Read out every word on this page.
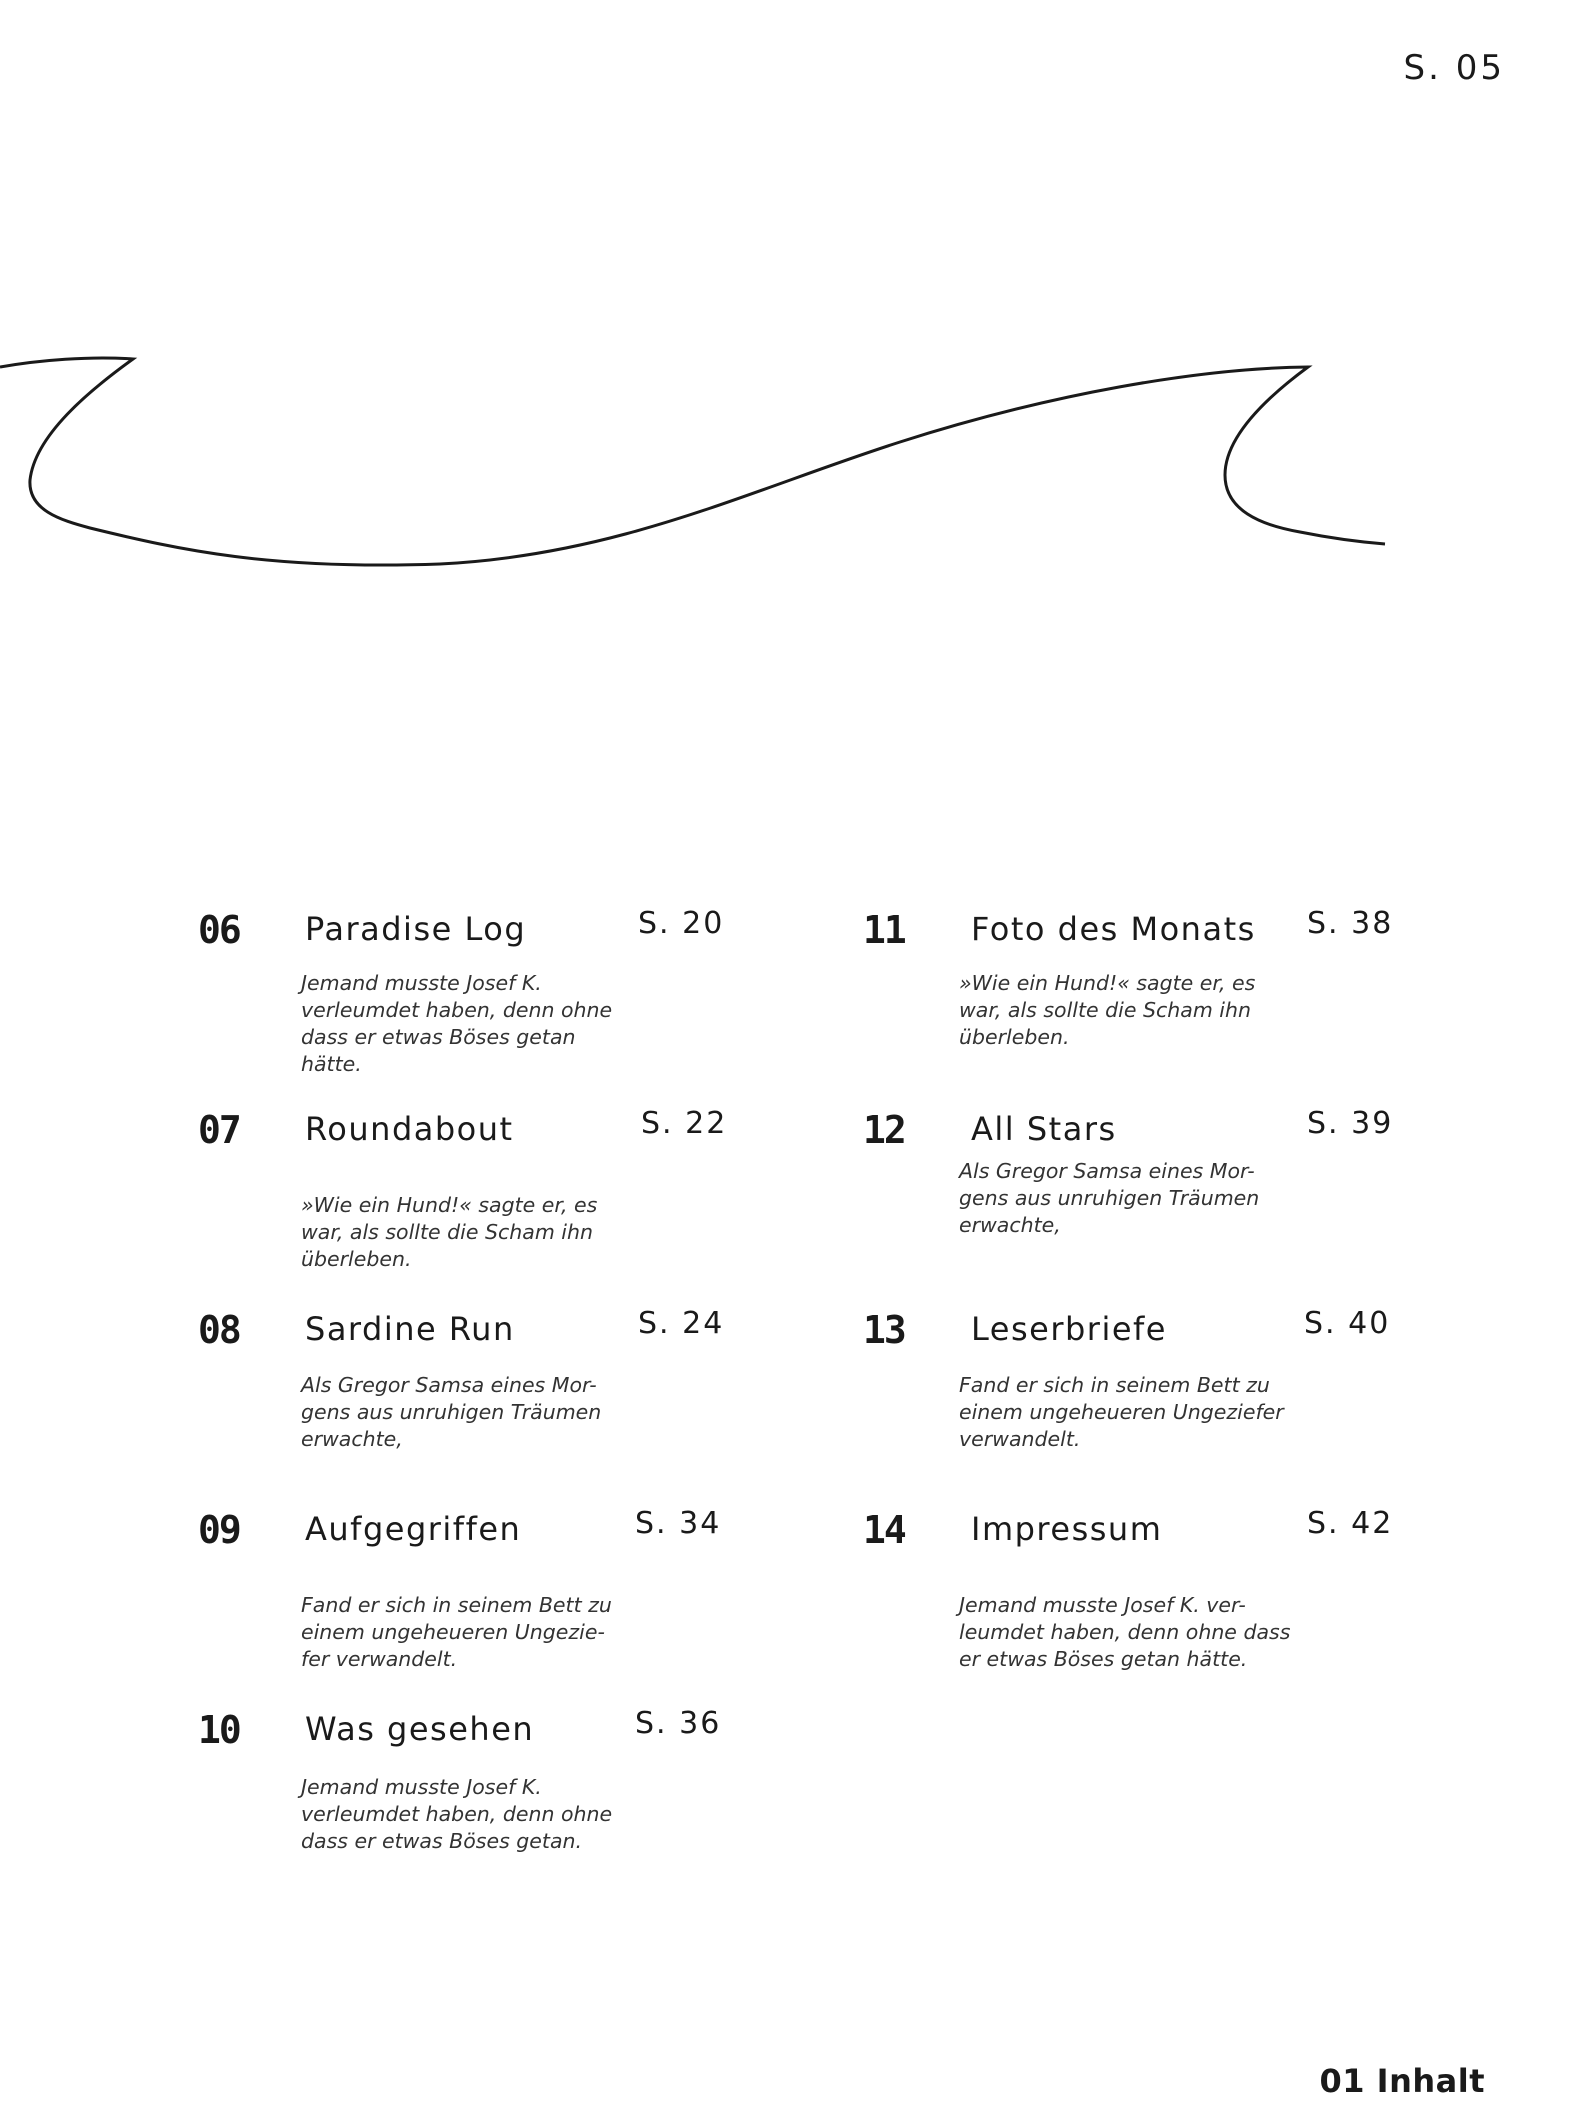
S. 05
06 Paradise Log	S. 20
Jemand musste Josef K.
verleumdet haben, denn ohne
dass er etwas Böses getan
hätte.
07 Roundabout	S. 22
»Wie ein Hund!« sagte er, es
war, als sollte die Scham ihn
überleben.
08 Sardine Run	S. 24
Als Gregor Samsa eines Mor-
gens aus unruhigen Träumen
erwachte,
09 Aufgegriffen	S. 34
Fand er sich in seinem Bett zu
einem ungeheueren Ungezie-
fer verwandelt.
10 Was gesehen	S. 36
Jemand musste Josef K.
verleumdet haben, denn ohne
dass er etwas Böses getan.
11 Foto des Monats S. 38
»Wie ein Hund!« sagte er, es
war, als sollte die Scham ihn
überleben.
12 All Stars	S. 39
Als Gregor Samsa eines Mor-
gens aus unruhigen Träumen
erwachte,
13 Leserbriefe	S. 40
Fand er sich in seinem Bett zu
einem ungeheueren Ungeziefer
verwandelt.
14 Impressum	S. 42
Jemand musste Josef K. ver-
leumdet haben, denn ohne dass
er etwas Böses getan hätte.
01 Inhalt
